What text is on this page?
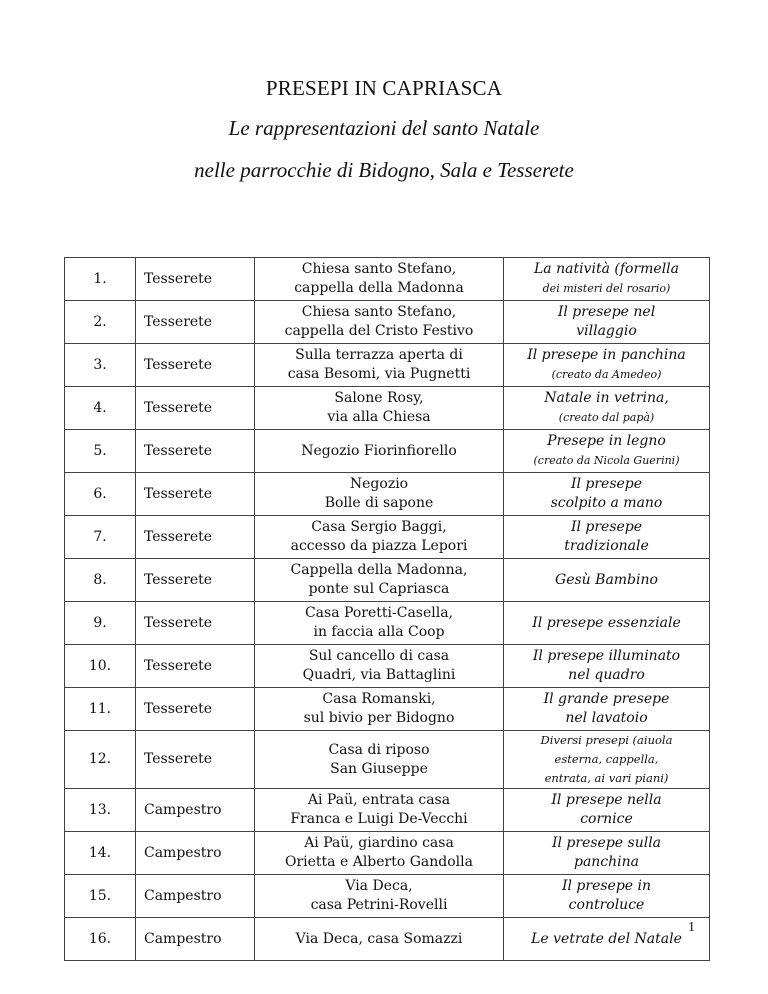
PRESEPI IN CAPRIASCA
Le rappresentazioni del santo Natale
nelle parrocchie di Bidogno, Sala e Tesserete
1.	Tesserete	Chiesa santo Stefano,
cappella della Madonna	La natività (formella
dei misteri del rosario)
2.	Tesserete	Chiesa santo Stefano,
cappella del Cristo Festivo	Il presepe nel
villaggio
3.	Tesserete	Sulla terrazza aperta di
casa Besomi, via Pugnetti	Il presepe in panchina
(creato da Amedeo)
4.	Tesserete	Salone Rosy,
via alla Chiesa	Natale in vetrina,
(creato dal papà)
5.	Tesserete	Negozio Fiorinfiorello	Presepe in legno
(creato da Nicola Guerini)
6.	Tesserete	Negozio
Bolle di sapone	Il presepe
scolpito a mano
7.	Tesserete	Casa Sergio Baggi,
accesso da piazza Lepori	Il presepe
tradizionale
8.	Tesserete	Cappella della Madonna,
ponte sul Capriasca	Gesù Bambino
9.	Tesserete	Casa Poretti-Casella,
in faccia alla Coop	Il presepe essenziale
10.	Tesserete	Sul cancello di casa
Quadri, via Battaglini	Il presepe illuminato
nel quadro
11.	Tesserete	Casa Romanski,
sul bivio per Bidogno	Il grande presepe
nel lavatoio
12.	Tesserete	Casa di riposo
San Giuseppe	Diversi presepi (aiuola
esterna, cappella,
entrata, ai vari piani)
13.	Campestro	Ai Paü, entrata casa
Franca e Luigi De-Vecchi	Il presepe nella
cornice
14.	Campestro	Ai Paü, giardino casa
Orietta e Alberto Gandolla	Il presepe sulla
panchina
15.	Campestro	Via Deca,
casa Petrini-Rovelli	Il presepe in
controluce
16.	Campestro	Via Deca, casa Somazzi	Le vetrate del Natale
1
